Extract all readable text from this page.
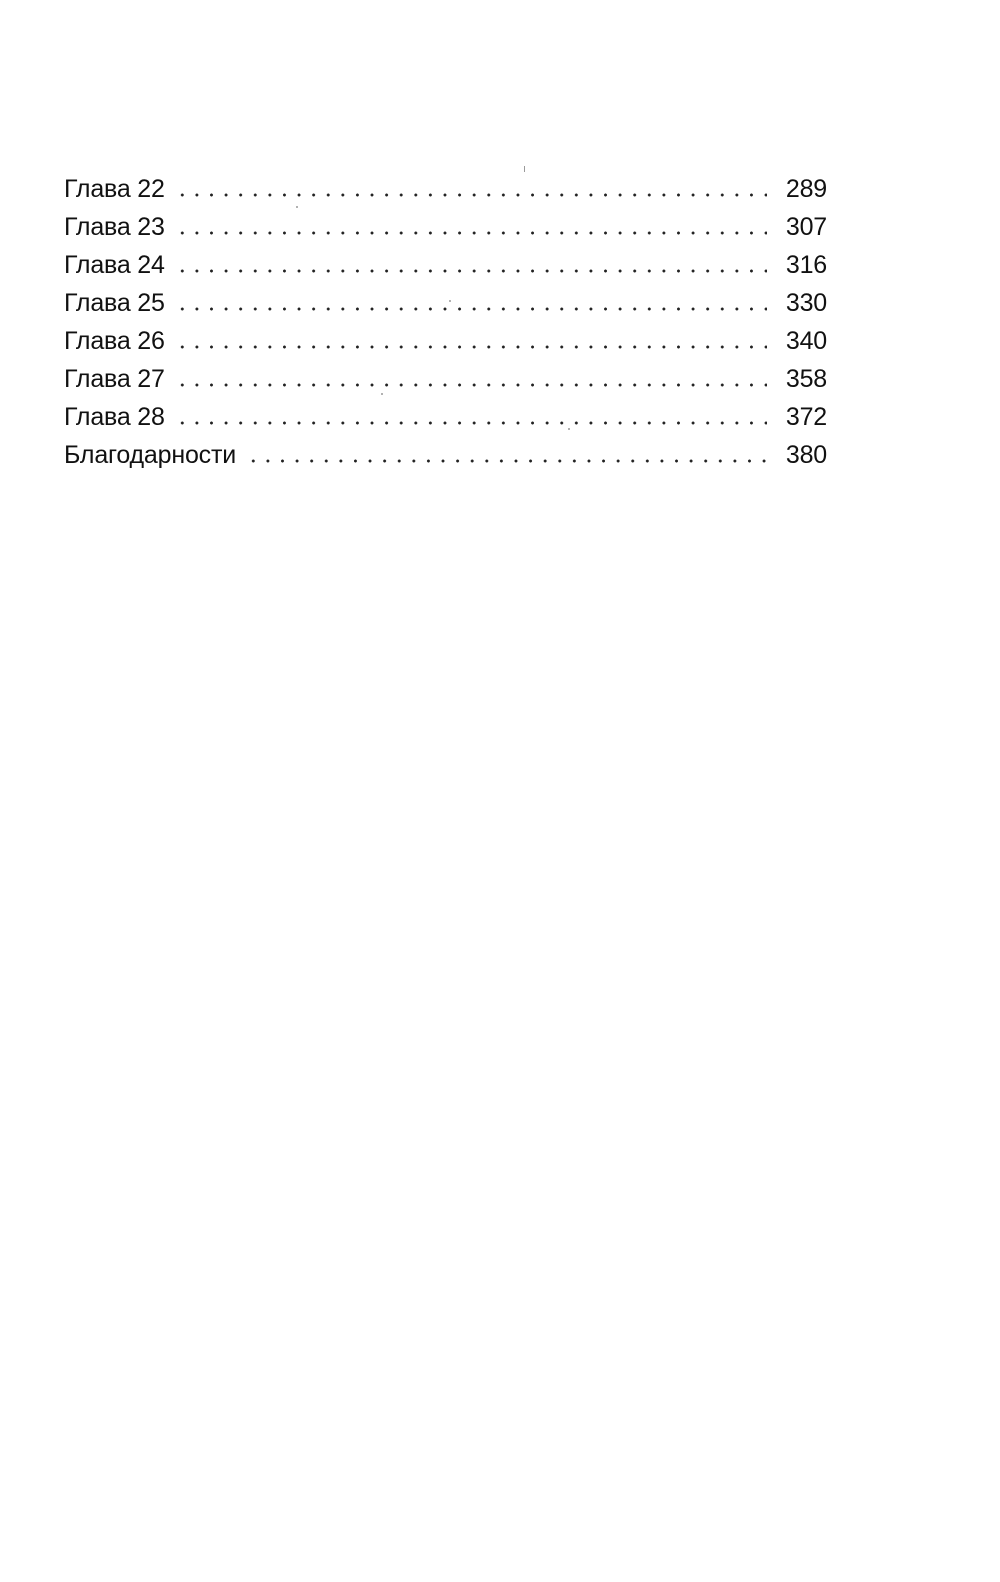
Глава 22	289
Глава 23	307
Глава 24	316
Глава 25	330
Глава 26	340
Глава 27	358
Глава 28	372
Благодарности	380
